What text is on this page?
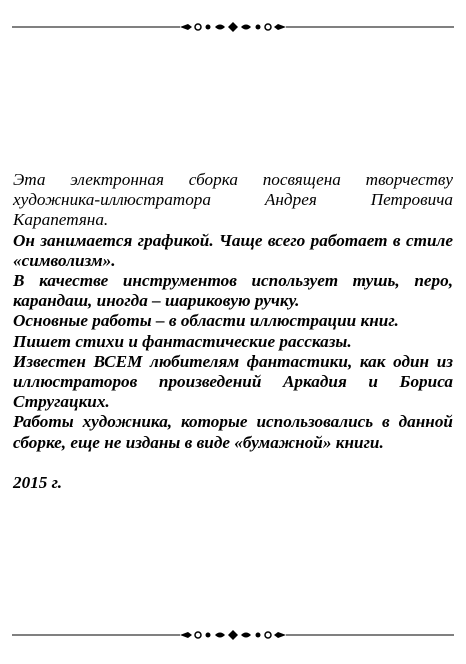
Эта электронная сборка посвящена творчеству художника-иллюстратора Андрея Петровича Карапетяна.

Он занимается графикой. Чаще всего работает в стиле «символизм».

В качестве инструментов использует тушь, перо, карандаш, иногда – шариковую ручку.

Основные работы – в области иллюстрации книг.

Пишет стихи и фантастические рассказы.

Известен ВСЕМ любителям фантастики, как один из иллюстраторов произведений Аркадия и Бориса Стругацких.

Работы художника, которые использовались в данной сборке, еще не изданы в виде «бумажной» книги.

2015 г.
